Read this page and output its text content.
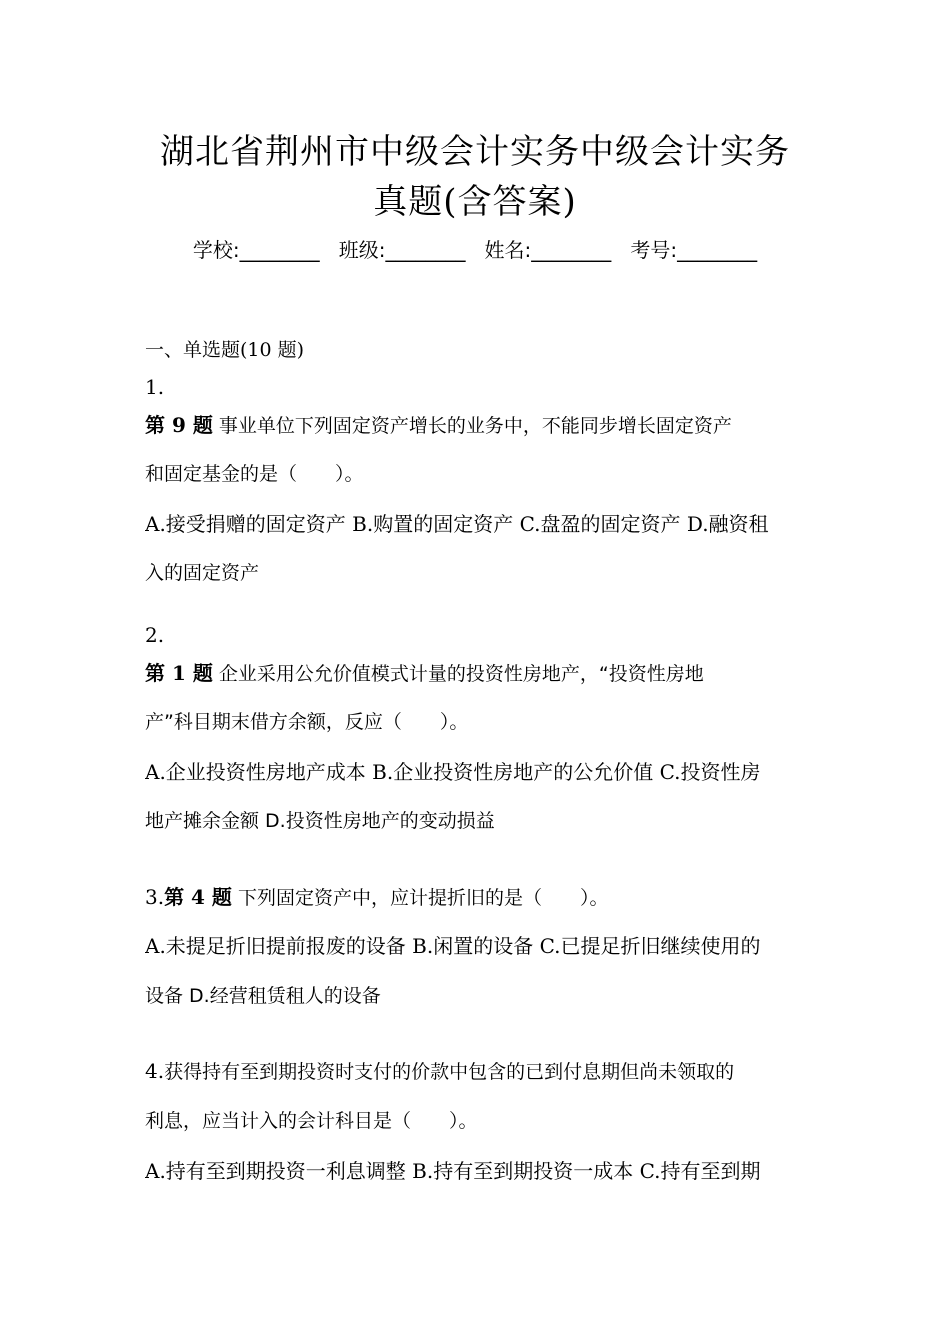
湖北省荆州市中级会计实务中级会计实务
真题(含答案)
学校:________ 班级:________ 姓名:________ 考号:________
一、单选题(10 题)
1.
第 9 题 事业单位下列固定资产增长的业务中，不能同步增长固定资产
和固定基金的是（　　）。
A.接受捐赠的固定资产 B.购置的固定资产 C.盘盈的固定资产 D.融资租
入的固定资产
2.
第 1 题 企业采用公允价值模式计量的投资性房地产，“投资性房地
产”科目期末借方余额，反应（　　）。
A.企业投资性房地产成本 B.企业投资性房地产的公允价值 C.投资性房
地产摊余金额 D.投资性房地产的变动损益
3.第 4 题 下列固定资产中，应计提折旧的是（　　）。
A.未提足折旧提前报废的设备 B.闲置的设备 C.已提足折旧继续使用的
设备 D.经营租赁租人的设备
4.获得持有至到期投资时支付的价款中包含的已到付息期但尚未领取的
利息，应当计入的会计科目是（　　）。
A.持有至到期投资一利息调整 B.持有至到期投资一成本 C.持有至到期
